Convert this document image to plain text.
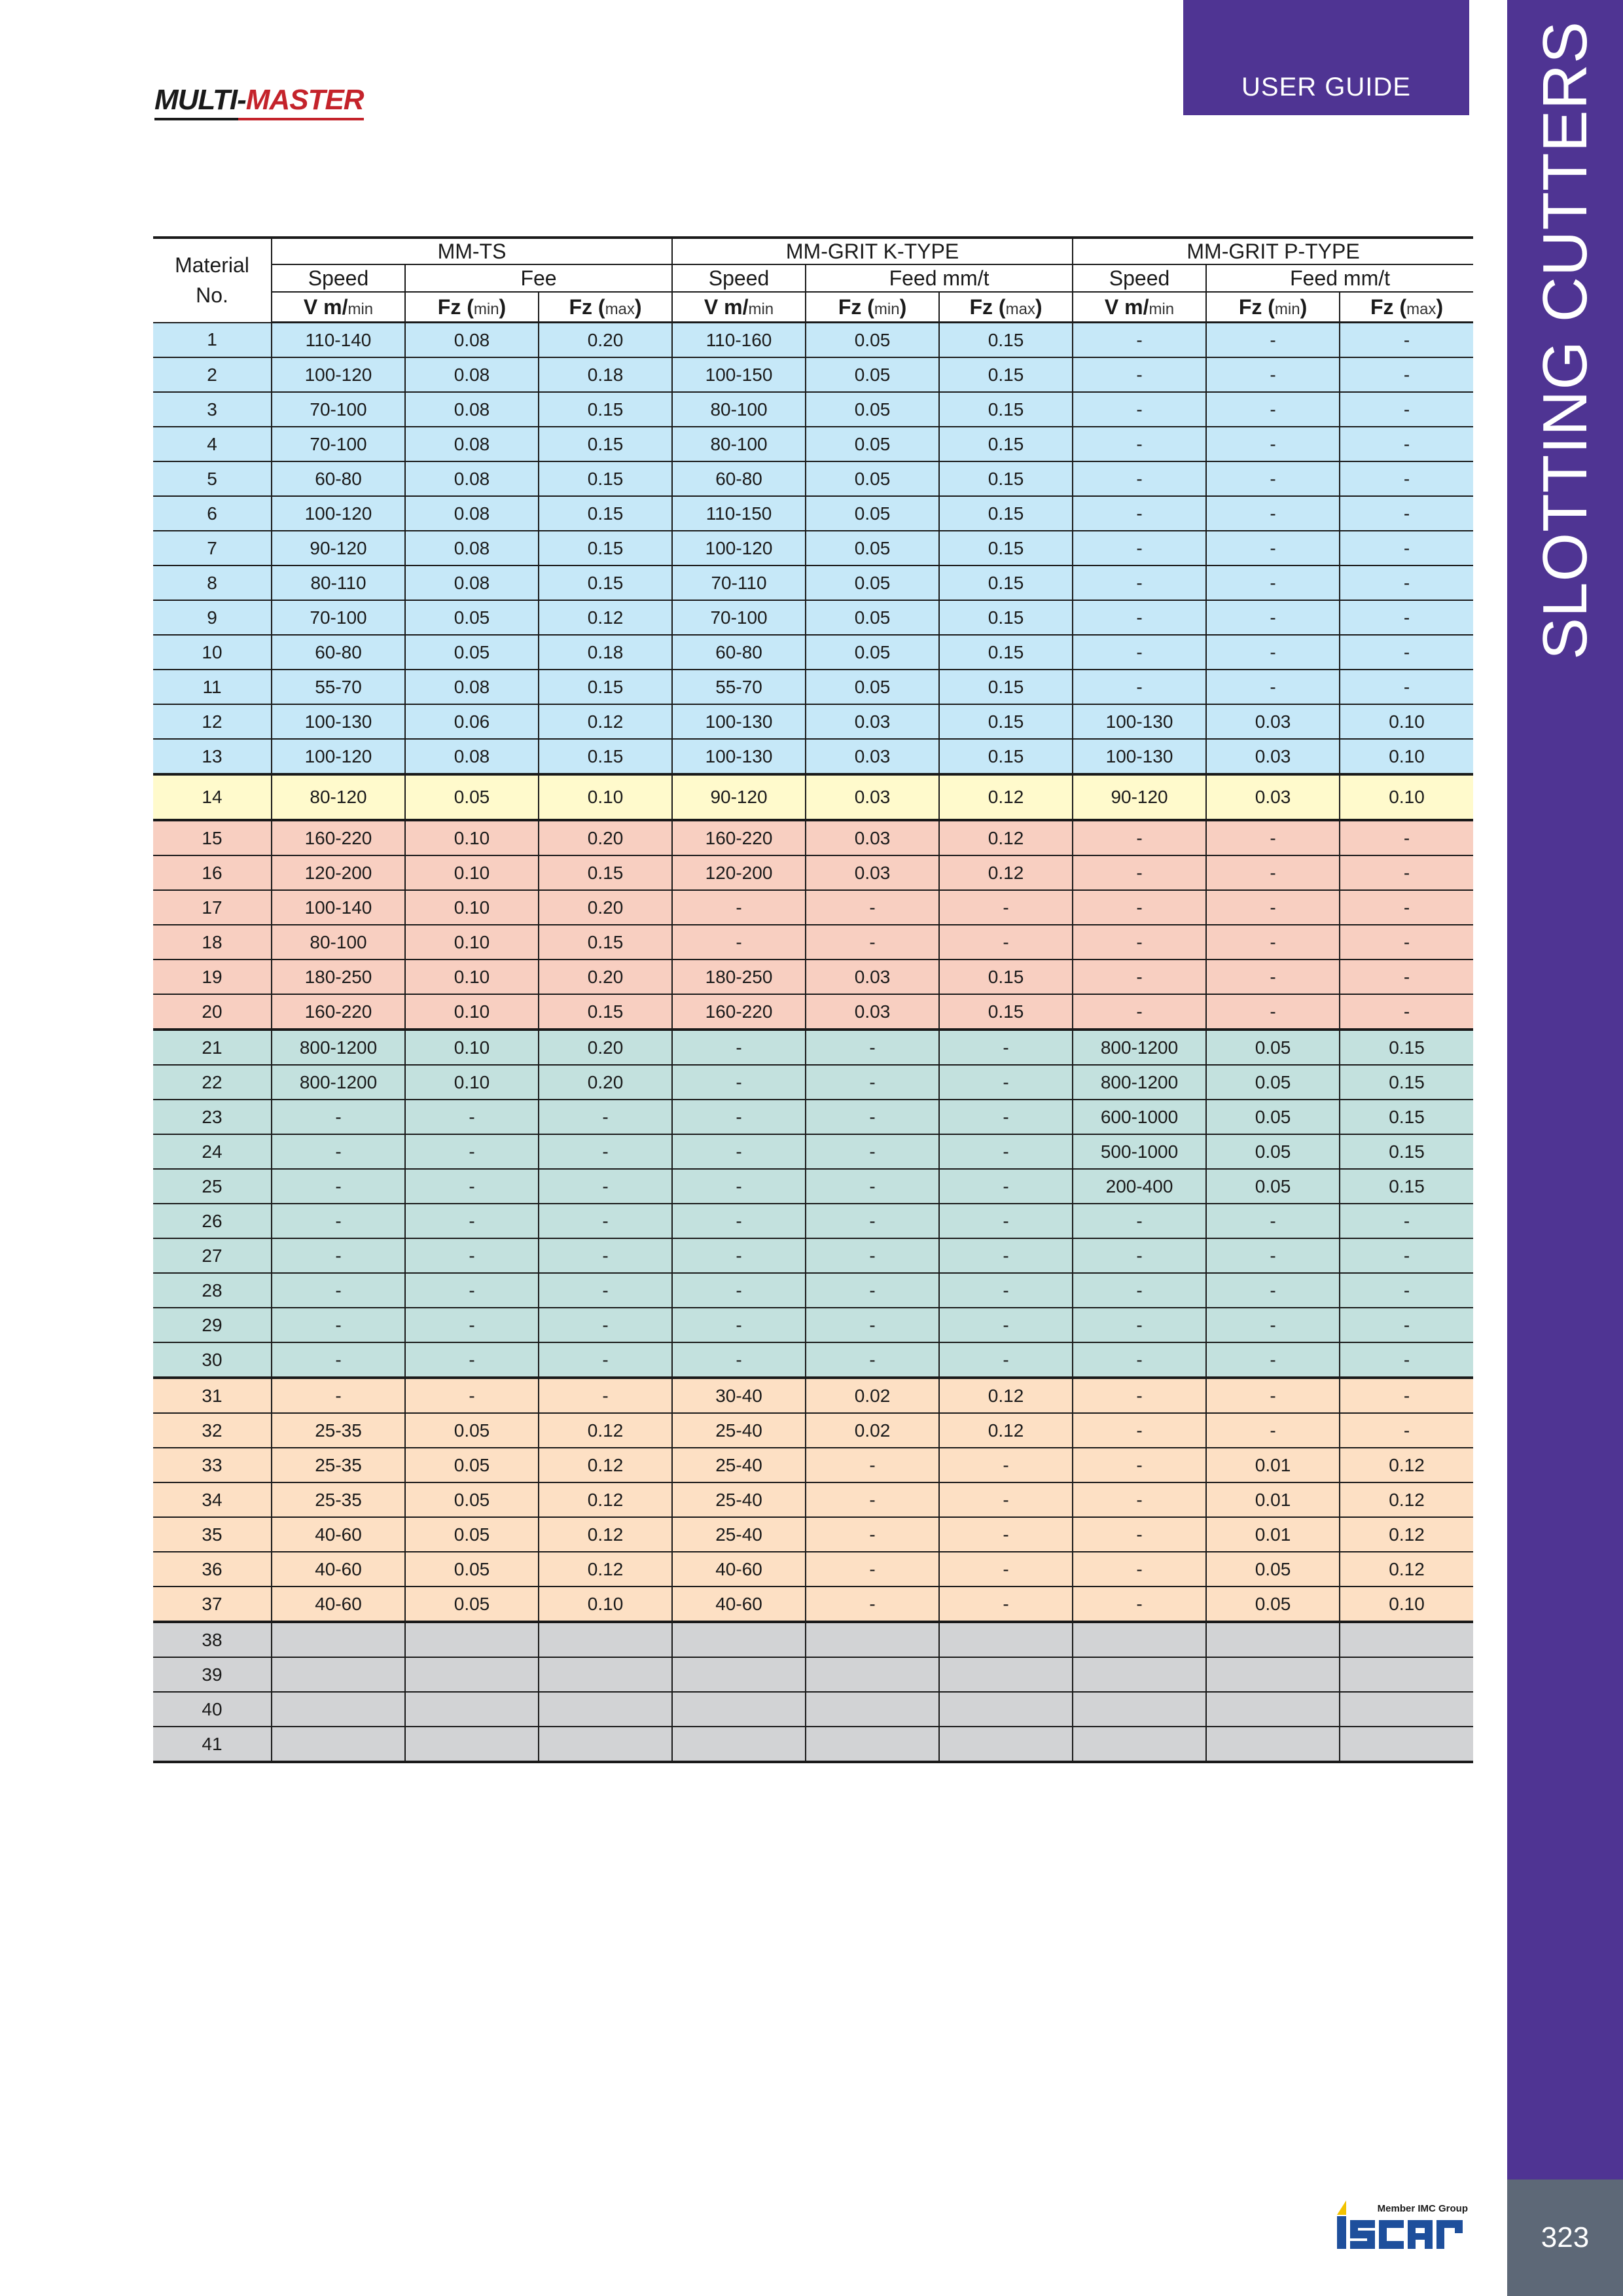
MULTI-MASTER	USER GUIDE	SLOTTING CUTTERS
323
Material
No.	MM-TS			MM-GRIT K-TYPE			MM-GRIT P-TYPE		
	Speed	Fee		Speed	Feed mm/t		Speed	Feed mm/t	
	V m/min	Fz (min)	Fz (max)	V m/min	Fz (min)	Fz (max)	V m/min	Fz (min)	Fz (max)
1	110-140	0.08	0.20	110-160	0.05	0.15	-	-	-
2	100-120	0.08	0.18	100-150	0.05	0.15	-	-	-
3	70-100	0.08	0.15	80-100	0.05	0.15	-	-	-
4	70-100	0.08	0.15	80-100	0.05	0.15	-	-	-
5	60-80	0.08	0.15	60-80	0.05	0.15	-	-	-
6	100-120	0.08	0.15	110-150	0.05	0.15	-	-	-
7	90-120	0.08	0.15	100-120	0.05	0.15	-	-	-
8	80-110	0.08	0.15	70-110	0.05	0.15	-	-	-
9	70-100	0.05	0.12	70-100	0.05	0.15	-	-	-
10	60-80	0.05	0.18	60-80	0.05	0.15	-	-	-
11	55-70	0.08	0.15	55-70	0.05	0.15	-	-	-
12	100-130	0.06	0.12	100-130	0.03	0.15	100-130	0.03	0.10
13	100-120	0.08	0.15	100-130	0.03	0.15	100-130	0.03	0.10
14	80-120	0.05	0.10	90-120	0.03	0.12	90-120	0.03	0.10
15	160-220	0.10	0.20	160-220	0.03	0.12	-	-	-
16	120-200	0.10	0.15	120-200	0.03	0.12	-	-	-
17	100-140	0.10	0.20	-	-	-	-	-	-
18	80-100	0.10	0.15	-	-	-	-	-	-
19	180-250	0.10	0.20	180-250	0.03	0.15	-	-	-
20	160-220	0.10	0.15	160-220	0.03	0.15	-	-	-
21	800-1200	0.10	0.20	-	-	-	800-1200	0.05	0.15
22	800-1200	0.10	0.20	-	-	-	800-1200	0.05	0.15
23	-	-	-	-	-	-	600-1000	0.05	0.15
24	-	-	-	-	-	-	500-1000	0.05	0.15
25	-	-	-	-	-	-	200-400	0.05	0.15
26	-	-	-	-	-	-	-	-	-
27	-	-	-	-	-	-	-	-	-
28	-	-	-	-	-	-	-	-	-
29	-	-	-	-	-	-	-	-	-
30	-	-	-	-	-	-	-	-	-
31	-	-	-	30-40	0.02	0.12	-	-	-
32	25-35	0.05	0.12	25-40	0.02	0.12	-	-	-
33	25-35	0.05	0.12	25-40	-	-	-	0.01	0.12
34	25-35	0.05	0.12	25-40	-	-	-	0.01	0.12
35	40-60	0.05	0.12	25-40	-	-	-	0.01	0.12
36	40-60	0.05	0.12	40-60	-	-	-	0.05	0.12
37	40-60	0.05	0.10	40-60	-	-	-	0.05	0.10
38									
39									
40									
41									
Member IMC Group
